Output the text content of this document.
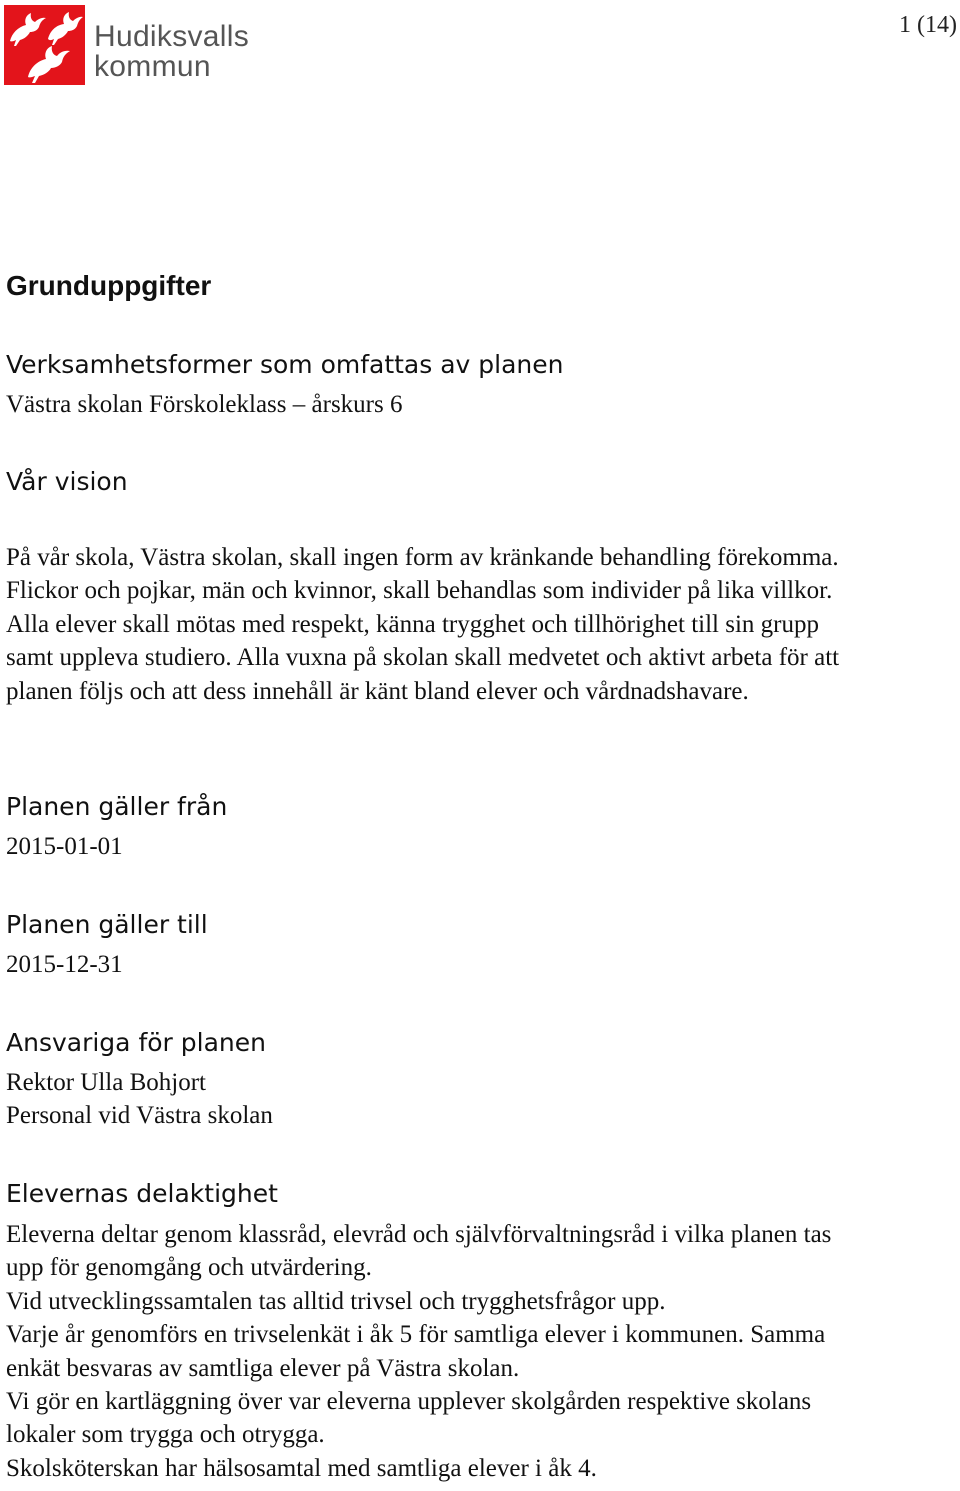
Hudiksvalls
kommun
1 (14)
Grunduppgifter
Verksamhetsformer som omfattas av planen
Västra skolan Förskoleklass – årskurs 6
Vår vision
På vår skola, Västra skolan, skall ingen form av kränkande behandling förekomma.
Flickor och pojkar, män och kvinnor, skall behandlas som individer på lika villkor.
Alla elever skall mötas med respekt, känna trygghet och tillhörighet till sin grupp
samt uppleva studiero. Alla vuxna på skolan skall medvetet och aktivt arbeta för att
planen följs och att dess innehåll är känt bland elever och vårdnadshavare.
Planen gäller från
2015-01-01
Planen gäller till
2015-12-31
Ansvariga för planen
Rektor Ulla Bohjort
Personal vid Västra skolan
Elevernas delaktighet
Eleverna deltar genom klassråd, elevråd och självförvaltningsråd i vilka planen tas
upp för genomgång och utvärdering.
Vid utvecklingssamtalen tas alltid trivsel och trygghetsfrågor upp.
Varje år genomförs en trivselenkät i åk 5 för samtliga elever i kommunen. Samma
enkät besvaras av samtliga elever på Västra skolan.
Vi gör en kartläggning över var eleverna upplever skolgården respektive skolans
lokaler som trygga och otrygga.
Skolsköterskan har hälsosamtal med samtliga elever i åk 4.
